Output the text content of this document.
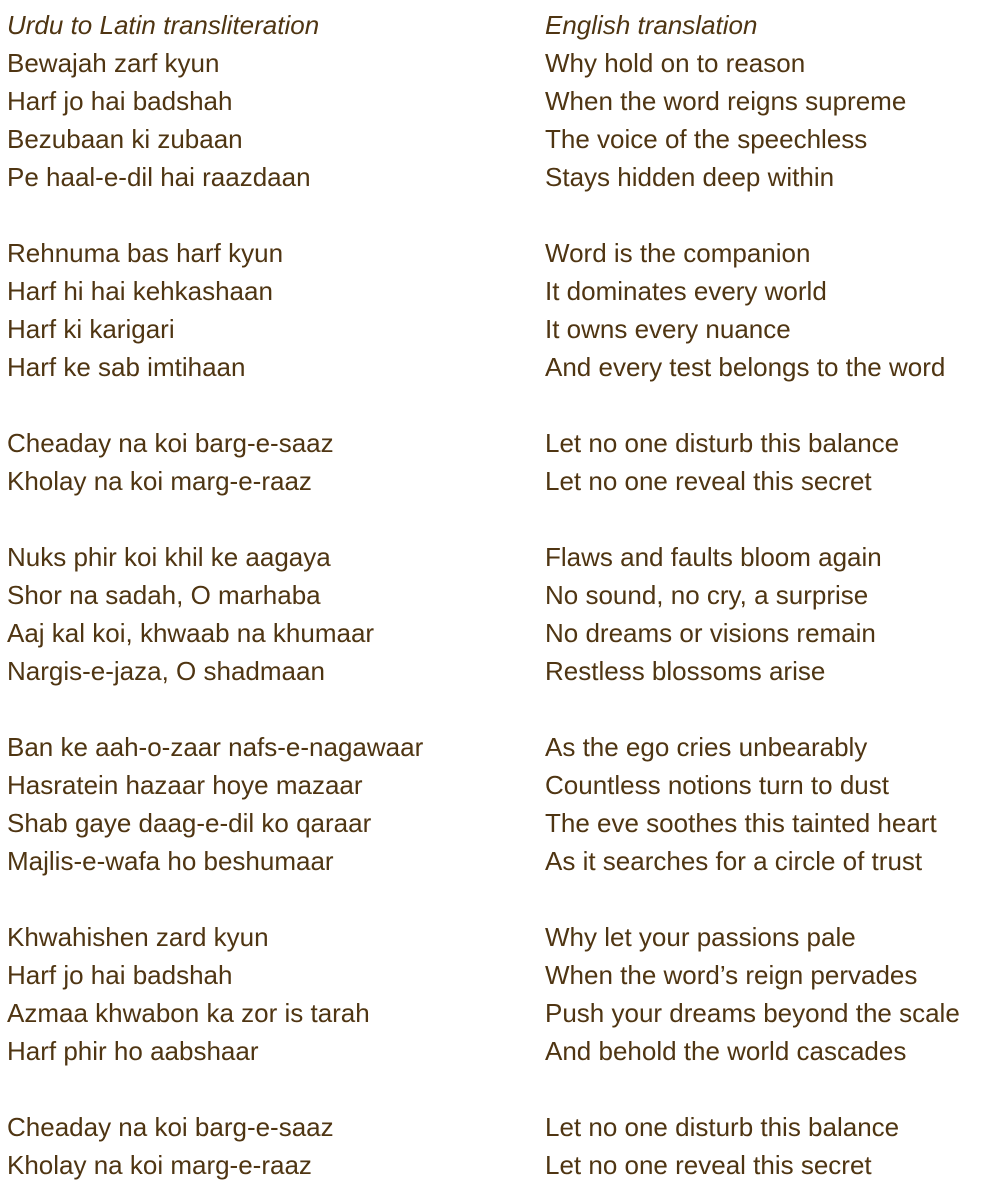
Urdu to Latin transliteration
Bewajah zarf kyun
Harf jo hai badshah
Bezubaan ki zubaan
Pe haal-e-dil hai raazdaan
Rehnuma bas harf kyun
Harf hi hai kehkashaan
Harf ki karigari
Harf ke sab imtihaan
Cheaday na koi barg-e-saaz
Kholay na koi marg-e-raaz
Nuks phir koi khil ke aagaya
Shor na sadah, O marhaba
Aaj kal koi, khwaab na khumaar
Nargis-e-jaza, O shadmaan
Ban ke aah-o-zaar nafs-e-nagawaar
Hasratein hazaar hoye mazaar
Shab gaye daag-e-dil ko qaraar
Majlis-e-wafa ho beshumaar
Khwahishen zard kyun
Harf jo hai badshah
Azmaa khwabon ka zor is tarah
Harf phir ho aabshaar
Cheaday na koi barg-e-saaz
Kholay na koi marg-e-raaz
English translation
Why hold on to reason
When the word reigns supreme
The voice of the speechless
Stays hidden deep within
Word is the companion
It dominates every world
It owns every nuance
And every test belongs to the word
Let no one disturb this balance
Let no one reveal this secret
Flaws and faults bloom again
No sound, no cry, a surprise
No dreams or visions remain
Restless blossoms arise
As the ego cries unbearably
Countless notions turn to dust
The eve soothes this tainted heart
As it searches for a circle of trust
Why let your passions pale
When the word’s reign pervades
Push your dreams beyond the scale
And behold the world cascades
Let no one disturb this balance
Let no one reveal this secret
